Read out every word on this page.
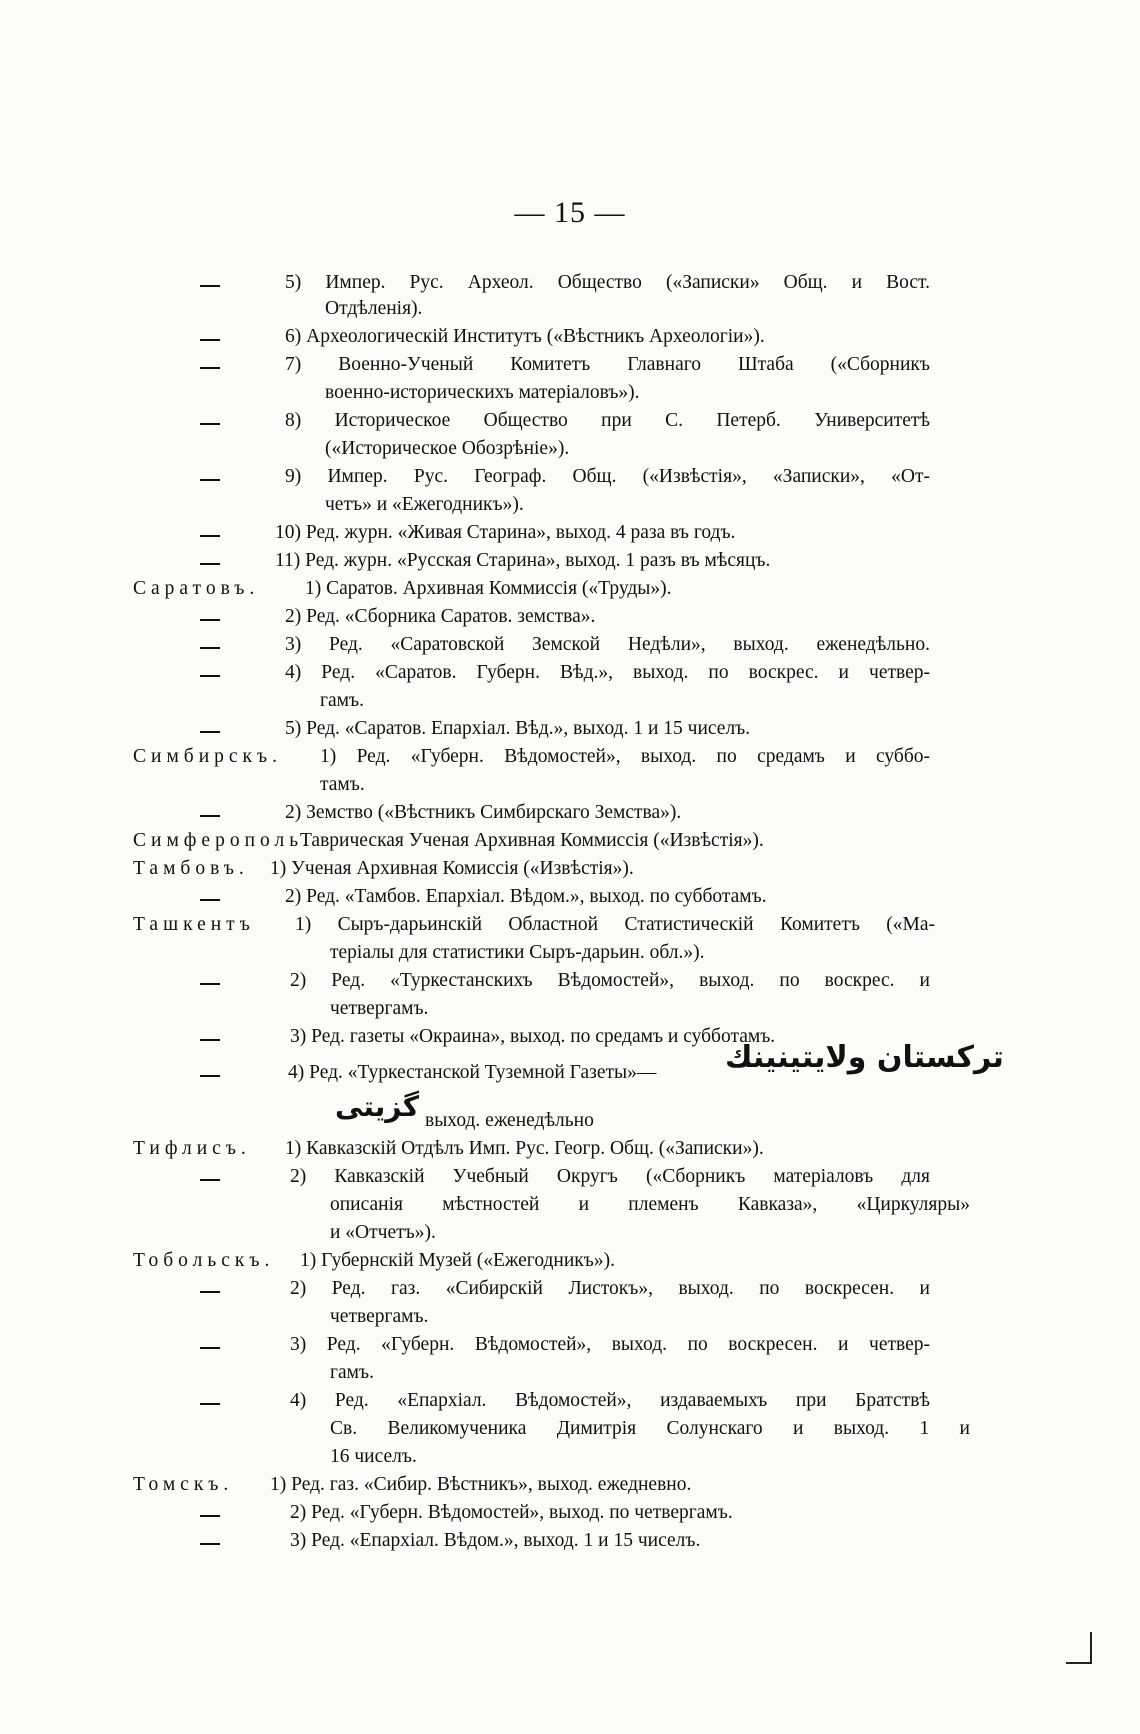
— 15 —
5) Импер. Рус. Археол. Общество («Записки» Общ. и Вост.
Отдѣленія).
6) Археологическій Институтъ («Вѣстникъ Археологіи»).
7) Военно-Ученый Комитетъ Главнаго Штаба («Сборникъ
военно-историческихъ матеріаловъ»).
8) Историческое Общество при С. Петерб. Университетѣ
(«Историческое Обозрѣніе»).
9) Импер. Рус. Географ. Общ. («Извѣстія», «Записки», «От-
четъ» и «Ежегодникъ»).
10) Ред. журн. «Живая Старина», выход. 4 раза въ годъ.
11) Ред. журн. «Русская Старина», выход. 1 разъ въ мѣсяцъ.
1) Саратов. Архивная Коммиссія («Труды»).
2) Ред. «Сборника Саратов. земства».
3) Ред. «Саратовской Земской Недѣли», выход. еженедѣльно.
4) Ред. «Саратов. Губерн. Вѣд.», выход. по воскрес. и четвер-
гамъ.
5) Ред. «Саратов. Епархіал. Вѣд.», выход. 1 и 15 чиселъ.
1) Ред. «Губерн. Вѣдомостей», выход. по средамъ и суббо-
тамъ.
2) Земство («Вѣстникъ Симбирскаго Земства»).
Таврическая Ученая Архивная Коммиссія («Извѣстія»).
1) Ученая Архивная Комиссія («Извѣстія»).
2) Ред. «Тамбов. Епархіал. Вѣдом.», выход. по субботамъ.
1) Сыръ-дарьинскій Областной Статистическій Комитетъ («Ма-
теріалы для статистики Сыръ-дарьин. обл.»).
2) Ред. «Туркестанскихъ Вѣдомостей», выход. по воскрес. и
четвергамъ.
3) Ред. газеты «Окраина», выход. по средамъ и субботамъ.
4) Ред. «Туркестанской Туземной Газеты»—
выход. еженедѣльно
1) Кавказскій Отдѣлъ Имп. Рус. Геогр. Общ. («Записки»).
2) Кавказскій Учебный Округъ («Сборникъ матеріаловъ для
описанія мѣстностей и племенъ Кавказа», «Циркуляры»
и «Отчетъ»).
1) Губернскій Музей («Ежегодникъ»).
2) Ред. газ. «Сибирскій Листокъ», выход. по воскресен. и
четвергамъ.
3) Ред. «Губерн. Вѣдомостей», выход. по воскресен. и четвер-
гамъ.
4) Ред. «Епархіал. Вѣдомостей», издаваемыхъ при Братствѣ
Св. Великомученика Димитрія Солунскаго и выход. 1 и
16 чиселъ.
1) Ред. газ. «Сибир. Вѣстникъ», выход. ежедневно.
2) Ред. «Губерн. Вѣдомостей», выход. по четвергамъ.
3) Ред. «Епархіал. Вѣдом.», выход. 1 и 15 чиселъ.
Саратовъ.
Симбирскъ.
Симферополь.
Тамбовъ.
Ташкентъ
Тифлисъ.
Тобольскъ.
Томскъ.
تركستان ولايتينينك
گزيتى
